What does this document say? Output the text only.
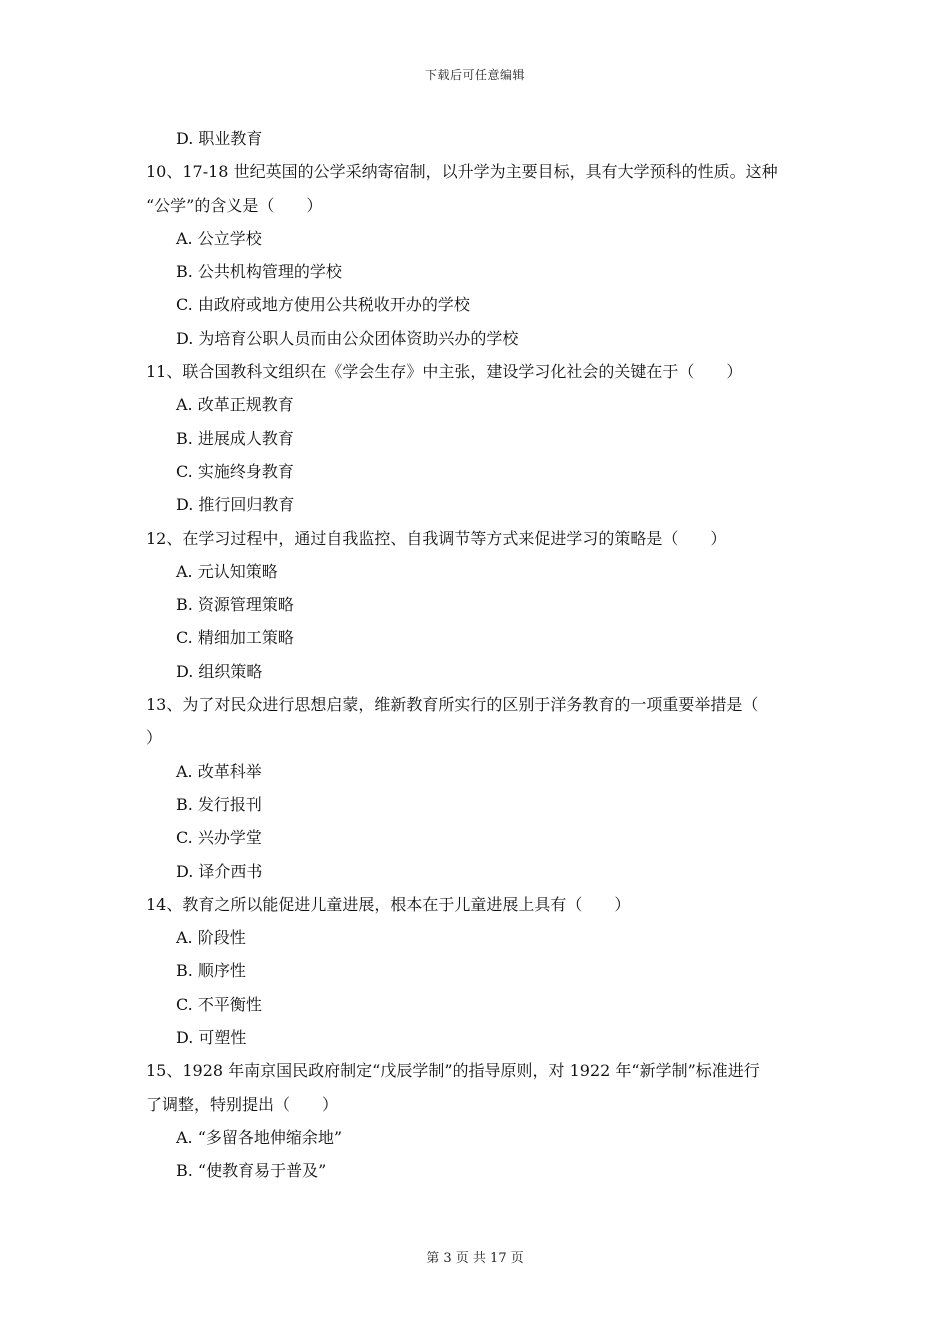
下载后可任意编辑
D. 职业教育
10、17-18 世纪英国的公学采纳寄宿制，以升学为主要目标，具有大学预科的性质。这种
“公学”的含义是（　　）
A. 公立学校
B. 公共机构管理的学校
C. 由政府或地方使用公共税收开办的学校
D. 为培育公职人员而由公众团体资助兴办的学校
11、联合国教科文组织在《学会生存》中主张，建设学习化社会的关键在于（　　）
A. 改革正规教育
B. 进展成人教育
C. 实施终身教育
D. 推行回归教育
12、在学习过程中，通过自我监控、自我调节等方式来促进学习的策略是（　　）
A. 元认知策略
B. 资源管理策略
C. 精细加工策略
D. 组织策略
13、为了对民众进行思想启蒙，维新教育所实行的区别于洋务教育的一项重要举措是（
）
A. 改革科举
B. 发行报刊
C. 兴办学堂
D. 译介西书
14、教育之所以能促进儿童进展，根本在于儿童进展上具有（　　）
A. 阶段性
B. 顺序性
C. 不平衡性
D. 可塑性
15、1928 年南京国民政府制定“戊辰学制”的指导原则，对 1922 年“新学制”标准进行
了调整，特别提出（　　）
A. “多留各地伸缩余地”
B. “使教育易于普及”
第 3 页 共 17 页
